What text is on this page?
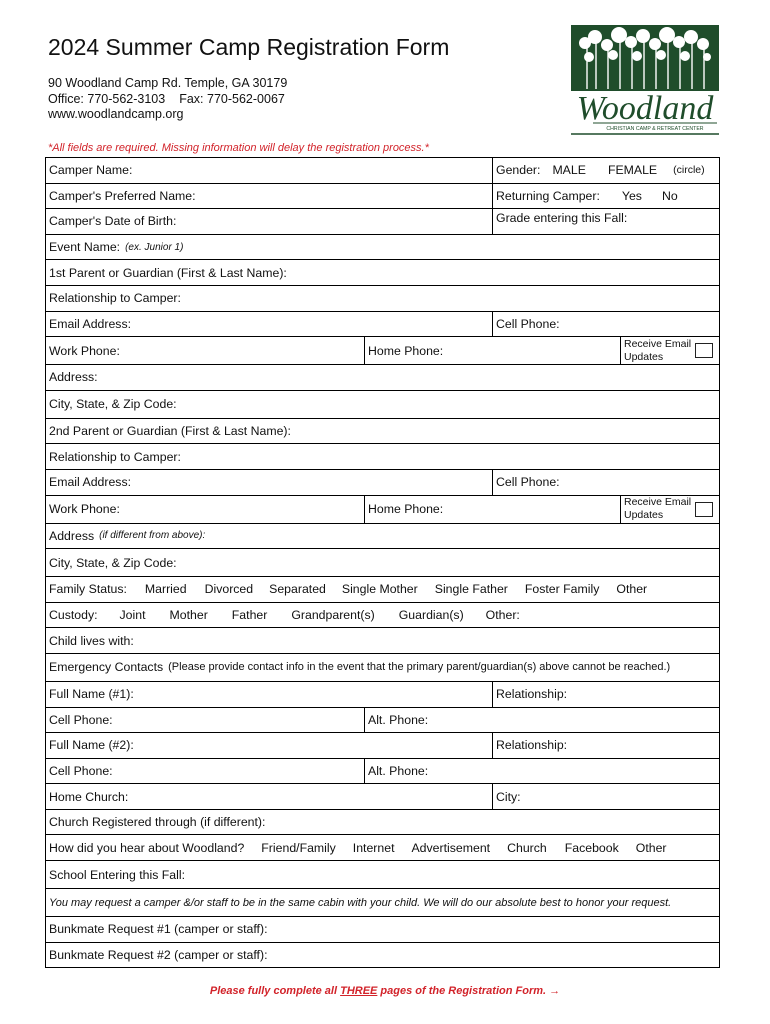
2024 Summer Camp Registration Form
90 Woodland Camp Rd. Temple, GA 30179
Office: 770-562-3103 Fax: 770-562-0067
www.woodlandcamp.org	Woodland
CHRISTIAN CAMP & RETREAT CENTER
*All fields are required. Missing information will delay the registration process.*
Camper Name:	Gender: MALE FEMALE (circle)
Camper's Preferred Name:	Returning Camper: Yes No
Camper's Date of Birth:	Grade entering this Fall:
Event Name: (ex. Junior 1)
1st Parent or Guardian (First & Last Name):
Relationship to Camper:
Email Address:	Cell Phone:
Work Phone:	Home Phone:	Receive Email
Updates
Address:
City, State, & Zip Code:
2nd Parent or Guardian (First & Last Name):
Relationship to Camper:
Email Address:	Cell Phone:
Work Phone:	Home Phone:	Receive Email
Updates
Address (if different from above):
City, State, & Zip Code:
Family Status: Married Divorced Separated Single Mother Single Father Foster Family Other
Custody: Joint Mother Father Grandparent(s) Guardian(s) Other:
Child lives with:
Emergency Contacts (Please provide contact info in the event that the primary parent/guardian(s) above cannot be reached.)
Full Name (#1):	Relationship:
Cell Phone:	Alt. Phone:
Full Name (#2):	Relationship:
Cell Phone:	Alt. Phone:
Home Church:	City:
Church Registered through (if different):
How did you hear about Woodland? Friend/Family Internet Advertisement Church Facebook Other
School Entering this Fall:
You may request a camper &/or staff to be in the same cabin with your child. We will do our absolute best to honor your request.
Bunkmate Request #1 (camper or staff):
Bunkmate Request #2 (camper or staff):
Please fully complete all THREE pages of the Registration Form. →
